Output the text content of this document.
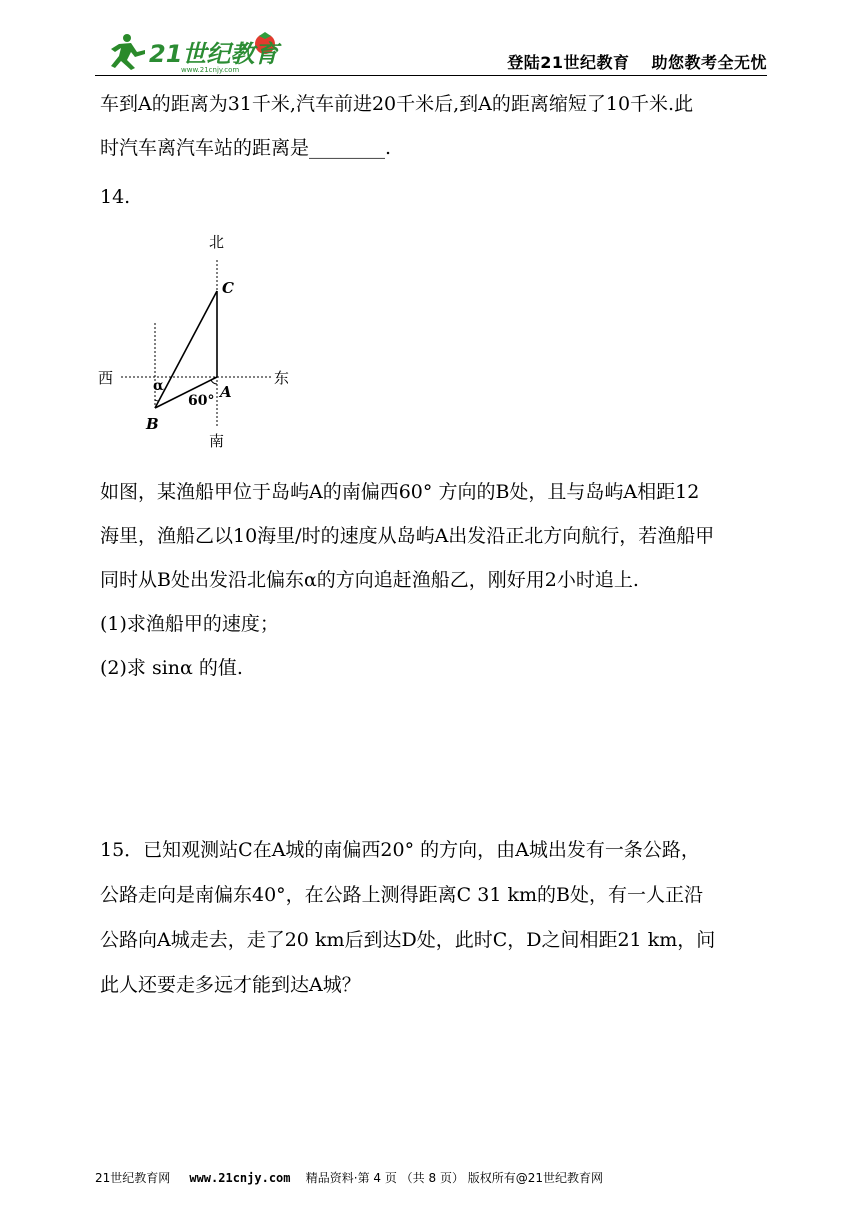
21世纪教育
www.21cnjy.com	登陆21世纪教育 助您教考全无忧
车到A的距离为31千米,汽车前进20千米后,到A的距离缩短了10千米.此
时汽车离汽车站的距离是________.
14.
北
南
西	东
C
A
B
α
60°
如图，某渔船甲位于岛屿A的南偏西60° 方向的B处，且与岛屿A相距12
海里，渔船乙以10海里/时的速度从岛屿A出发沿正北方向航行，若渔船甲
同时从B处出发沿北偏东α的方向追赶渔船乙，刚好用2小时追上.
(1)求渔船甲的速度；
(2)求 sinα 的值.
15．已知观测站C在A城的南偏西20° 的方向，由A城出发有一条公路，
公路走向是南偏东40°，在公路上测得距离C 31 km的B处，有一人正沿
公路向A城走去，走了20 km后到达D处，此时C，D之间相距21 km，问
此人还要走多远才能到达A城？
21世纪教育网 www.21cnjy.com 精品资料·第 4 页 （共 8 页） 版权所有@21世纪教育网
